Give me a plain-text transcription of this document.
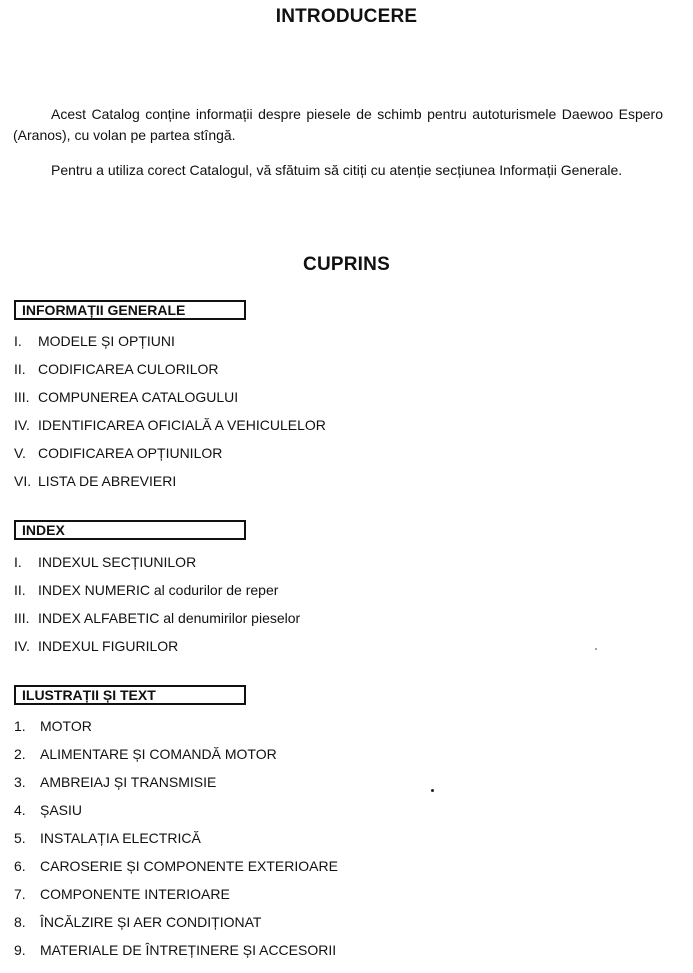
INTRODUCERE

Acest Catalog conține informații despre piesele de schimb pentru autoturismele Daewoo Espero (Aranos), cu volan pe partea stîngă.

Pentru a utiliza corect Catalogul, vă sfătuim să citiți cu atenție secțiunea Informații Generale.

CUPRINS
INFORMAȚII GENERALE
I. MODELE ȘI OPȚIUNI
II. CODIFICAREA CULORILOR
III. COMPUNEREA CATALOGULUI
IV. IDENTIFICAREA OFICIALĂ A VEHICULELOR
V. CODIFICAREA OPȚIUNILOR
VI. LISTA DE ABREVIERI
INDEX
I. INDEXUL SECȚIUNILOR
II. INDEX NUMERIC al codurilor de reper
III. INDEX ALFABETIC al denumirilor pieselor
IV. INDEXUL FIGURILOR
ILUSTRAȚII ȘI TEXT
1. MOTOR
2. ALIMENTARE ȘI COMANDĂ MOTOR
3. AMBREIAJ ȘI TRANSMISIE
4. ȘASIU
5. INSTALAȚIA ELECTRICĂ
6. CAROSERIE ȘI COMPONENTE EXTERIOARE
7. COMPONENTE INTERIOARE
8. ÎNCĂLZIRE ȘI AER CONDIȚIONAT
9. MATERIALE DE ÎNTREȚINERE ȘI ACCESORII
